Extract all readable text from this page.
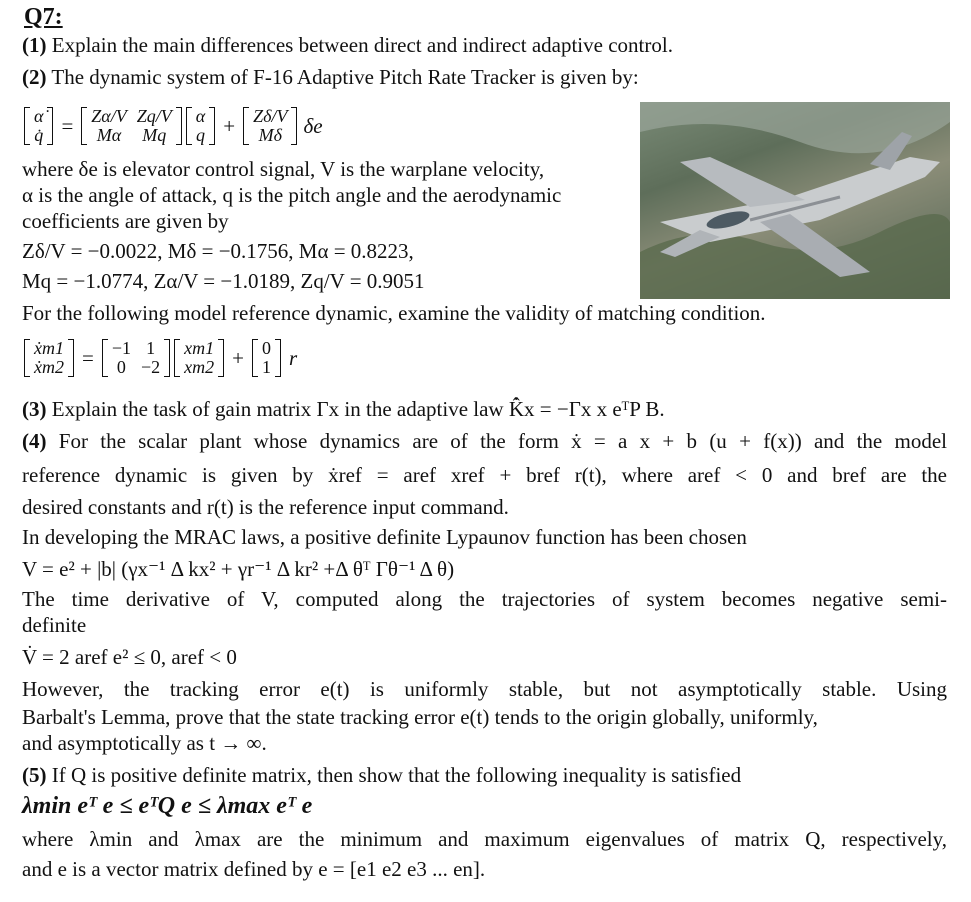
Q7:
(1) Explain the main differences between direct and indirect adaptive control.
(2) The dynamic system of F-16 Adaptive Pitch Rate Tracker is given by:
α̇
q̇ = Zα/V	Zq/V
Mα	Mq
α
q + Zδ/V
Mδ δe
where δe is elevator control signal, V is the warplane velocity,
α is the angle of attack, q is the pitch angle and the aerodynamic
coefficients are given by
Zδ/V = −0.0022, Mδ = −0.1756, Mα = 0.8223,
Mq = −1.0774, Zα/V = −1.0189, Zq/V = 0.9051
For the following model reference dynamic, examine the validity of matching condition.
ẋm1
ẋm2 = −1	1
0	−2
xm1
xm2 + 0
1 r
(3) Explain the task of gain matrix Γx in the adaptive law K̂̇x = −Γx x eᵀP B.
(4) For the scalar plant whose dynamics are of the form ẋ = a x + b (u + f(x)) and the model
reference dynamic is given by ẋref = aref xref + bref r(t), where aref < 0 and bref are the
desired constants and r(t) is the reference input command.
In developing the MRAC laws, a positive definite Lypaunov function has been chosen
V = e² + |b| (γx⁻¹ Δ kx² + γr⁻¹ Δ kr² +Δ θᵀ Γθ⁻¹ Δ θ)
The time derivative of V, computed along the trajectories of system becomes negative semi-
definite
V̇ = 2 aref e² ≤ 0, aref < 0
However, the tracking error e(t) is uniformly stable, but not asymptotically stable. Using
Barbalt's Lemma, prove that the state tracking error e(t) tends to the origin globally, uniformly,
and asymptotically as t → ∞.
(5) If Q is positive definite matrix, then show that the following inequality is satisfied
λmin eᵀ e ≤ eᵀQ e ≤ λmax eᵀ e
where λmin and λmax are the minimum and maximum eigenvalues of matrix Q, respectively,
and e is a vector matrix defined by e = [e1 e2 e3 ... en].
